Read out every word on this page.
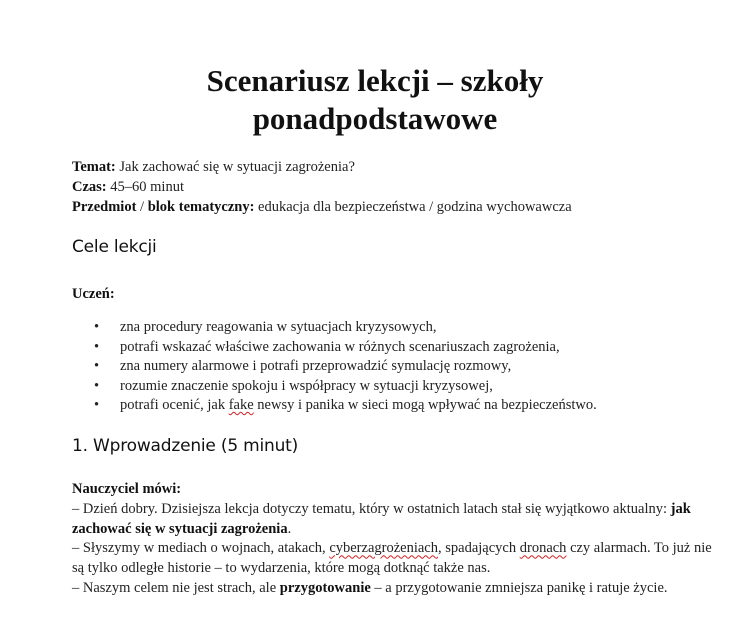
Scenariusz lekcji – szkoły
ponadpodstawowe
Temat: Jak zachować się w sytuacji zagrożenia?
Czas: 45–60 minut
Przedmiot / blok tematyczny: edukacja dla bezpieczeństwa / godzina wychowawcza
Cele lekcji
Uczeń:
• zna procedury reagowania w sytuacjach kryzysowych,
• potrafi wskazać właściwe zachowania w różnych scenariuszach zagrożenia,
• zna numery alarmowe i potrafi przeprowadzić symulację rozmowy,
• rozumie znaczenie spokoju i współpracy w sytuacji kryzysowej,
• potrafi ocenić, jak fake newsy i panika w sieci mogą wpływać na bezpieczeństwo.
1. Wprowadzenie (5 minut)
Nauczyciel mówi:

– Dzień dobry. Dzisiejsza lekcja dotyczy tematu, który w ostatnich latach stał się wyjątkowo aktualny: jak zachować się w sytuacji zagrożenia.

– Słyszymy w mediach o wojnach, atakach, cyberzagrożeniach, spadających dronach czy alarmach. To już nie są tylko odległe historie – to wydarzenia, które mogą dotknąć także nas.

– Naszym celem nie jest strach, ale przygotowanie – a przygotowanie zmniejsza panikę i ratuje życie.
